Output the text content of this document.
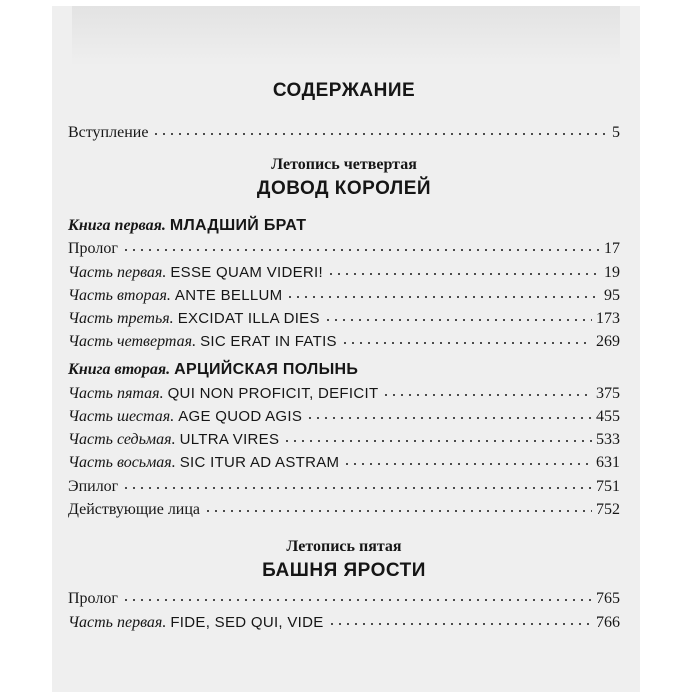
СОДЕРЖАНИЕ
Вступление	5
Летопись четвертая
ДОВОД КОРОЛЕЙ
Книга первая. МЛАДШИЙ БРАТ
Пролог	17
Часть первая. ESSE QUAM VIDERI!	19
Часть вторая. ANTE BELLUM	95
Часть третья. EXCIDAT ILLA DIES	173
Часть четвертая. SIC ERAT IN FATIS	269
Книга вторая. АРЦИЙСКАЯ ПОЛЫНЬ
Часть пятая. QUI NON PROFICIT, DEFICIT	375
Часть шестая. AGE QUOD AGIS	455
Часть седьмая. ULTRA VIRES	533
Часть восьмая. SIC ITUR AD ASTRAM	631
Эпилог	751
Действующие лица	752
Летопись пятая
БАШНЯ ЯРОСТИ
Пролог	765
Часть первая. FIDE, SED QUI, VIDE	766
